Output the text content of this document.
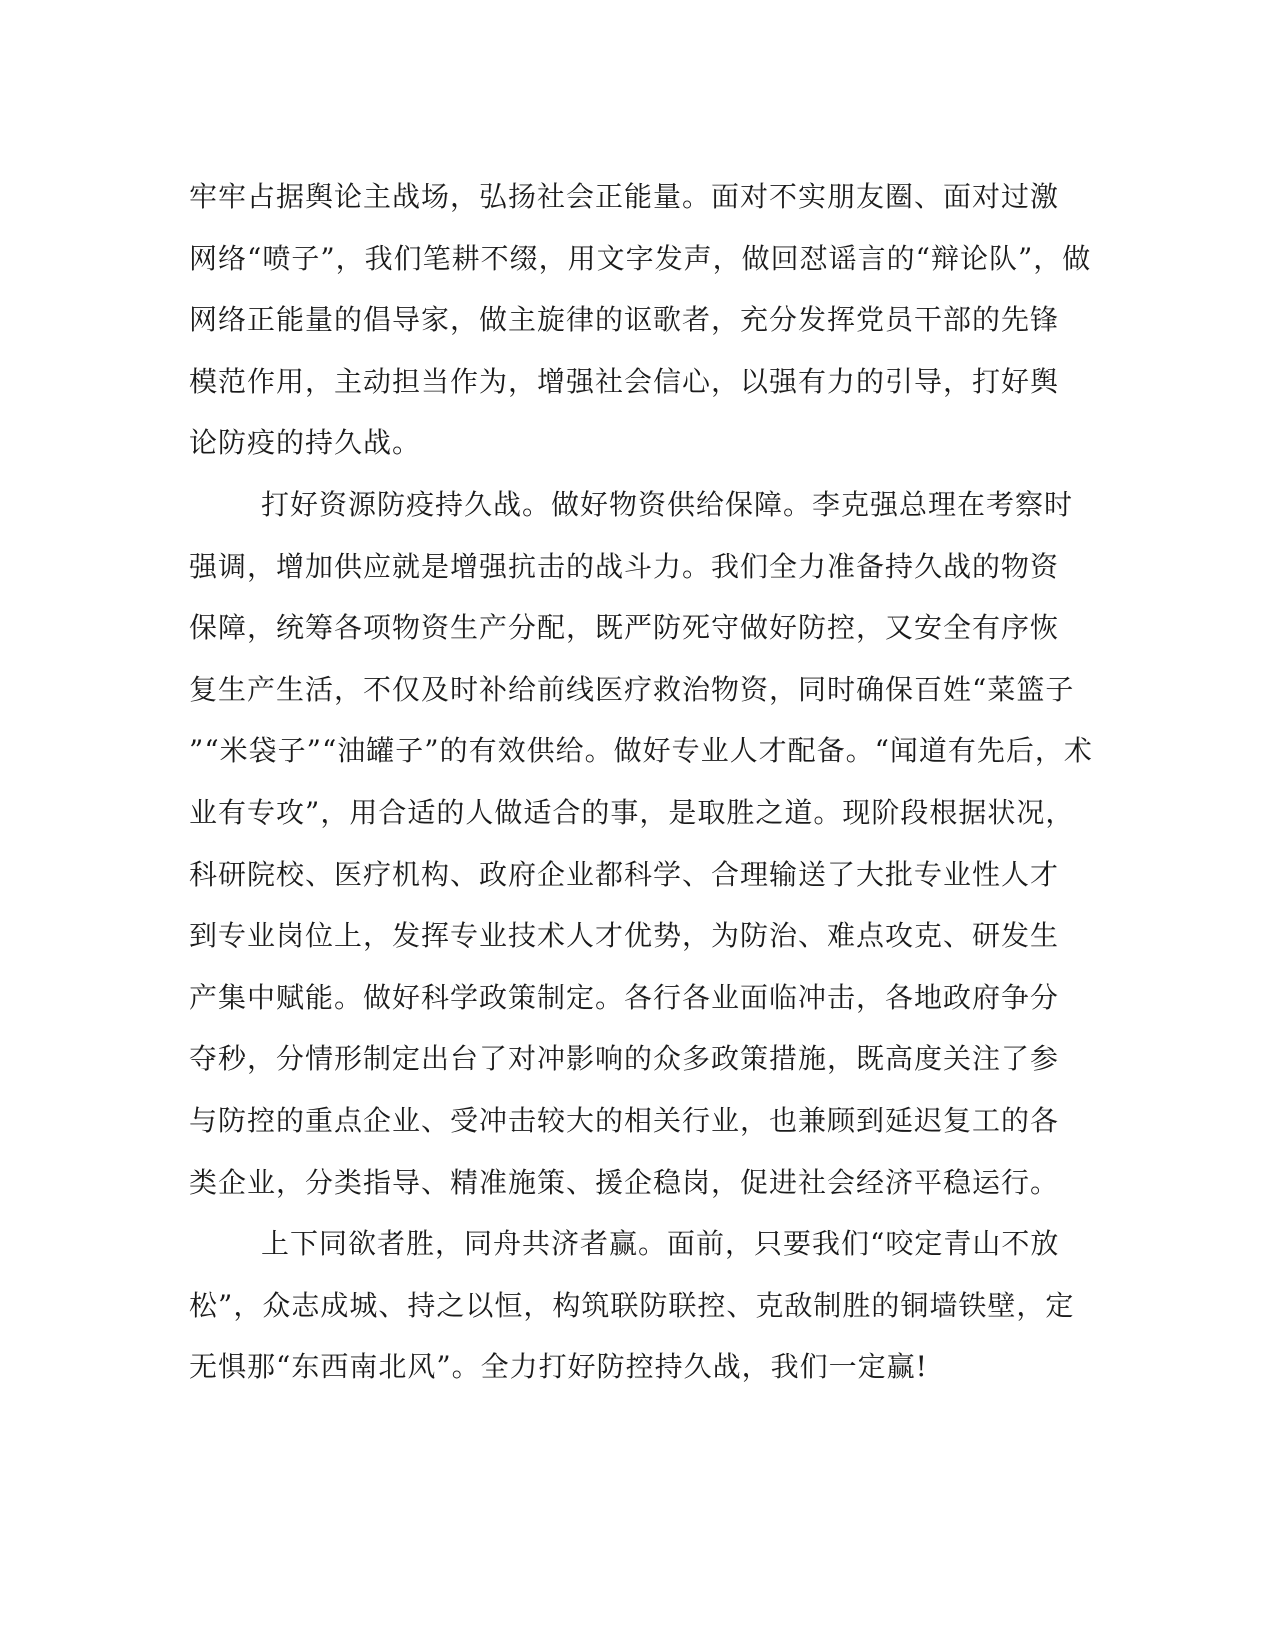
牢牢占据舆论主战场，弘扬社会正能量。面对不实朋友圈、面对过激
网络“喷子”，我们笔耕不缀，用文字发声，做回怼谣言的“辩论队”，做
网络正能量的倡导家，做主旋律的讴歌者，充分发挥党员干部的先锋
模范作用，主动担当作为，增强社会信心，以强有力的引导，打好舆
论防疫的持久战。
打好资源防疫持久战。做好物资供给保障。李克强总理在考察时
强调，增加供应就是增强抗击的战斗力。我们全力准备持久战的物资
保障，统筹各项物资生产分配，既严防死守做好防控，又安全有序恢
复生产生活，不仅及时补给前线医疗救治物资，同时确保百姓“菜篮子
”“米袋子”“油罐子”的有效供给。做好专业人才配备。“闻道有先后，术
业有专攻”，用合适的人做适合的事，是取胜之道。现阶段根据状况，
科研院校、医疗机构、政府企业都科学、合理输送了大批专业性人才
到专业岗位上，发挥专业技术人才优势，为防治、难点攻克、研发生
产集中赋能。做好科学政策制定。各行各业面临冲击，各地政府争分
夺秒，分情形制定出台了对冲影响的众多政策措施，既高度关注了参
与防控的重点企业、受冲击较大的相关行业，也兼顾到延迟复工的各
类企业，分类指导、精准施策、援企稳岗，促进社会经济平稳运行。
上下同欲者胜，同舟共济者赢。面前，只要我们“咬定青山不放
松”，众志成城、持之以恒，构筑联防联控、克敌制胜的铜墙铁壁，定
无惧那“东西南北风”。全力打好防控持久战，我们一定赢!
